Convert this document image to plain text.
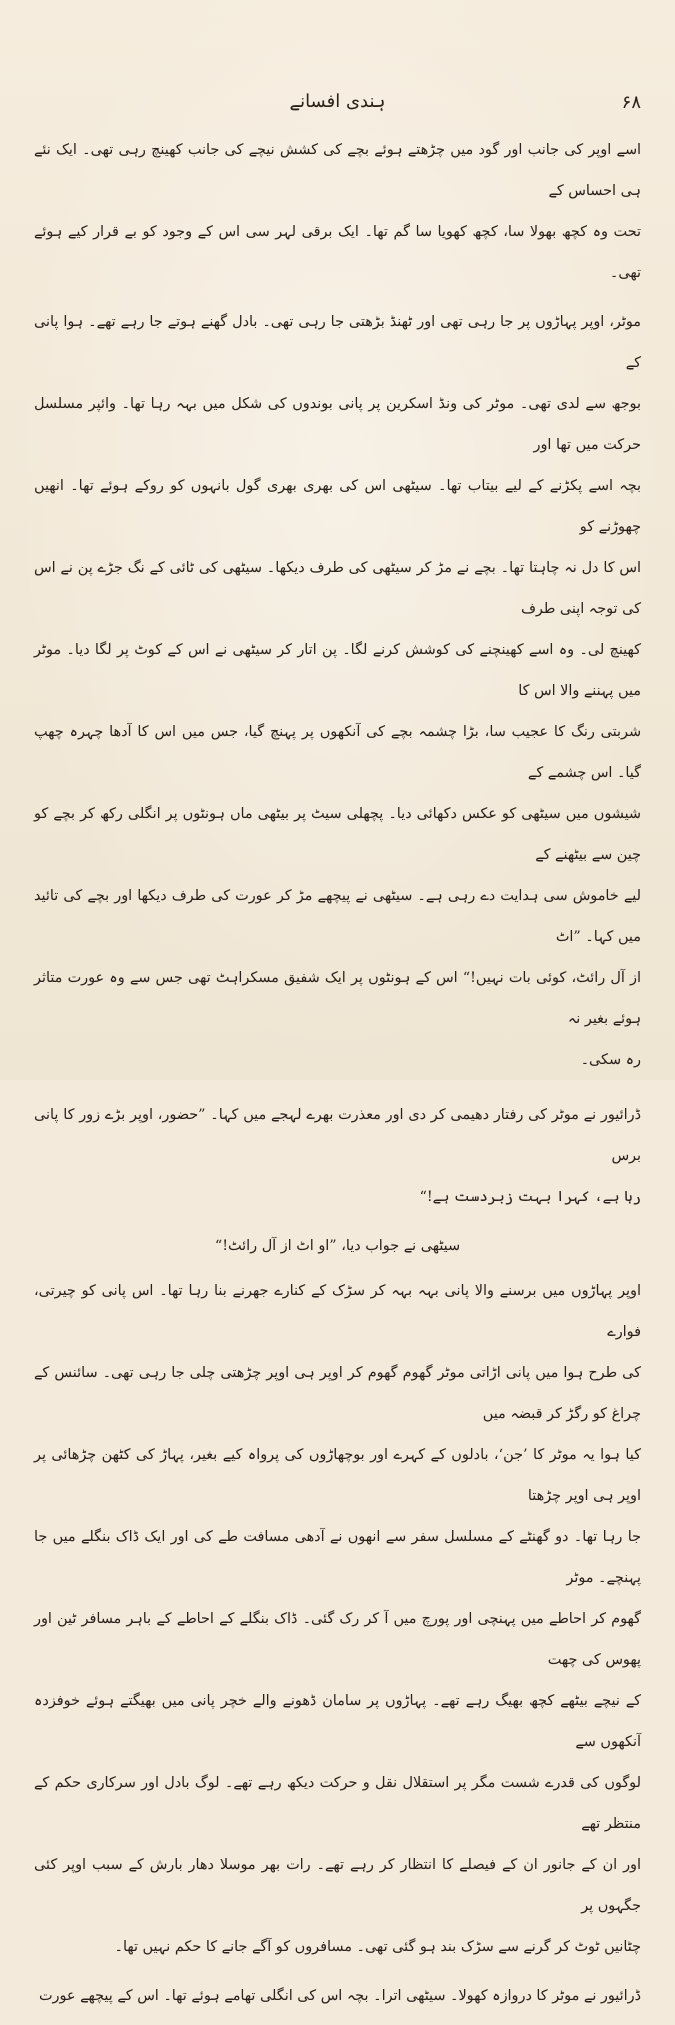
۶۸
ہندی افسانے
اسے اوپر کی جانب اور گود میں چڑھتے ہوئے بچے کی کشش نیچے کی جانب کھینچ رہی تھی۔ ایک نئے ہی احساس کے
تحت وہ کچھ بھولا سا، کچھ کھویا سا گم تھا۔ ایک برقی لہر سی اس کے وجود کو بے قرار کیے ہوئے تھی۔
موٹر، اوپر پہاڑوں پر جا رہی تھی اور ٹھنڈ بڑھتی جا رہی تھی۔ بادل گھنے ہوتے جا رہے تھے۔ ہوا پانی کے
بوجھ سے لدی تھی۔ موٹر کی ونڈ اسکرین پر پانی بوندوں کی شکل میں بہہ رہا تھا۔ وائپر مسلسل حرکت میں تھا اور
بچہ اسے پکڑنے کے لیے بیتاب تھا۔ سیٹھی اس کی بھری بھری گول بانہوں کو روکے ہوئے تھا۔ انھیں چھوڑنے کو
اس کا دل نہ چاہتا تھا۔ بچے نے مڑ کر سیٹھی کی طرف دیکھا۔ سیٹھی کی ٹائی کے نگ جڑے پن نے اس کی توجہ اپنی طرف
کھینچ لی۔ وہ اسے کھینچنے کی کوشش کرنے لگا۔ پن اتار کر سیٹھی نے اس کے کوٹ پر لگا دیا۔ موٹر میں پہننے والا اس کا
شربتی رنگ کا عجیب سا، بڑا چشمہ بچے کی آنکھوں پر پہنچ گیا، جس میں اس کا آدھا چہرہ چھپ گیا۔ اس چشمے کے
شیشوں میں سیٹھی کو عکس دکھائی دیا۔ پچھلی سیٹ پر بیٹھی ماں ہونٹوں پر انگلی رکھ کر بچے کو چین سے بیٹھنے کے
لیے خاموش سی ہدایت دے رہی ہے۔ سیٹھی نے پیچھے مڑ کر عورت کی طرف دیکھا اور بچے کی تائید میں کہا۔ ”اٹ
از آل رائٹ، کوئی بات نہیں!“ اس کے ہونٹوں پر ایک شفیق مسکراہٹ تھی جس سے وہ عورت متاثر ہوئے بغیر نہ
رہ سکی۔
ڈرائیور نے موٹر کی رفتار دھیمی کر دی اور معذرت بھرے لہجے میں کہا۔ ”حضور، اوپر بڑے زور کا پانی برس
رہا ہے، کہرا بہت زبردست ہے!“
سیٹھی نے جواب دیا، ”او اٹ از آل رائٹ!“
اوپر پہاڑوں میں برسنے والا پانی بہہ بہہ کر سڑک کے کنارے جھرنے بنا رہا تھا۔ اس پانی کو چیرتی، فوارے
کی طرح ہوا میں پانی اڑاتی موٹر گھوم گھوم کر اوپر ہی اوپر چڑھتی چلی جا رہی تھی۔ سائنس کے چراغ کو رگڑ کر قبضہ میں
کیا ہوا یہ موٹر کا ’جن‘، بادلوں کے کہرے اور بوچھاڑوں کی پرواہ کیے بغیر، پہاڑ کی کٹھن چڑھائی پر اوپر ہی اوپر چڑھتا
جا رہا تھا۔ دو گھنٹے کے مسلسل سفر سے انھوں نے آدھی مسافت طے کی اور ایک ڈاک بنگلے میں جا پہنچے۔ موٹر
گھوم کر احاطے میں پہنچی اور پورچ میں آ کر رک گئی۔ ڈاک بنگلے کے احاطے کے باہر مسافر ٹین اور پھوس کی چھت
کے نیچے بیٹھے کچھ بھیگ رہے تھے۔ پہاڑوں پر سامان ڈھونے والے خچر پانی میں بھیگتے ہوئے خوفزدہ آنکھوں سے
لوگوں کی قدرے شست مگر پر استقلال نقل و حرکت دیکھ رہے تھے۔ لوگ بادل اور سرکاری حکم کے منتظر تھے
اور ان کے جانور ان کے فیصلے کا انتظار کر رہے تھے۔ رات بھر موسلا دھار بارش کے سبب اوپر کئی جگہوں پر
چٹانیں ٹوٹ کر گرنے سے سڑک بند ہو گئی تھی۔ مسافروں کو آگے جانے کا حکم نہیں تھا۔
ڈرائیور نے موٹر کا دروازہ کھولا۔ سیٹھی اترا۔ بچہ اس کی انگلی تھامے ہوئے تھا۔ اس کے پیچھے عورت
